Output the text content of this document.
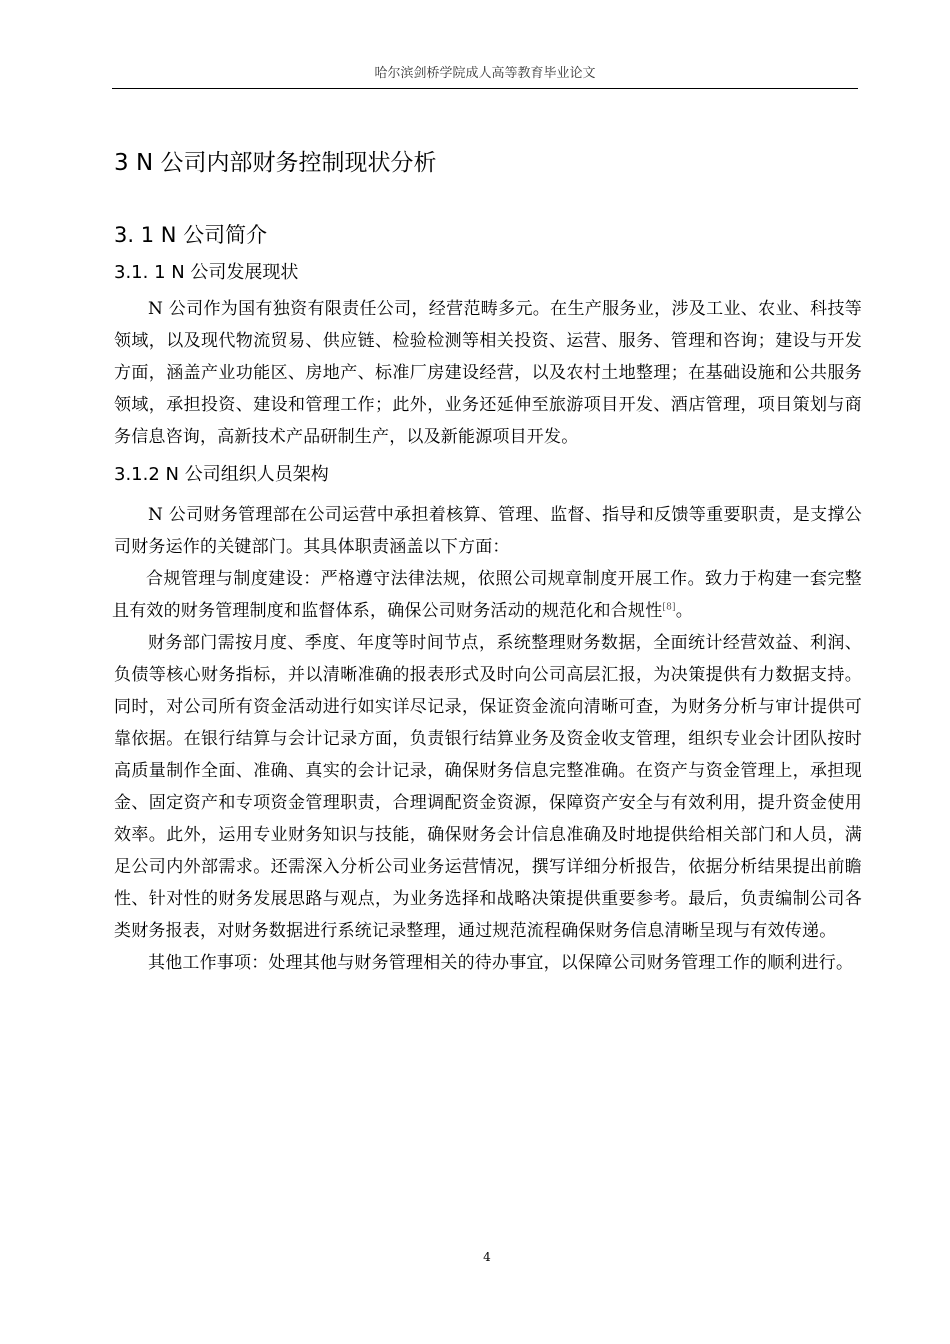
哈尔滨剑桥学院成人高等教育毕业论文
3 N 公司内部财务控制现状分析
3. 1 N 公司简介
3.1. 1 N 公司发展现状

N 公司作为国有独资有限责任公司，经营范畴多元。在生产服务业，涉及工业、农业、科技等领域，以及现代物流贸易、供应链、检验检测等相关投资、运营、服务、管理和咨询；建设与开发方面，涵盖产业功能区、房地产、标准厂房建设经营，以及农村土地整理；在基础设施和公共服务领域，承担投资、建设和管理工作；此外，业务还延伸至旅游项目开发、酒店管理，项目策划与商务信息咨询，高新技术产品研制生产，以及新能源项目开发。

3.1.2 N 公司组织人员架构

N 公司财务管理部在公司运营中承担着核算、管理、监督、指导和反馈等重要职责，是支撑公司财务运作的关键部门。其具体职责涵盖以下方面：

合规管理与制度建设：严格遵守法律法规，依照公司规章制度开展工作。致力于构建一套完整且有效的财务管理制度和监督体系，确保公司财务活动的规范化和合规性[8]。

财务部门需按月度、季度、年度等时间节点，系统整理财务数据，全面统计经营效益、利润、负债等核心财务指标，并以清晰准确的报表形式及时向公司高层汇报，为决策提供有力数据支持。同时，对公司所有资金活动进行如实详尽记录，保证资金流向清晰可查，为财务分析与审计提供可靠依据。在银行结算与会计记录方面，负责银行结算业务及资金收支管理，组织专业会计团队按时高质量制作全面、准确、真实的会计记录，确保财务信息完整准确。在资产与资金管理上，承担现金、固定资产和专项资金管理职责，合理调配资金资源，保障资产安全与有效利用，提升资金使用效率。此外，运用专业财务知识与技能，确保财务会计信息准确及时地提供给相关部门和人员，满足公司内外部需求。还需深入分析公司业务运营情况，撰写详细分析报告，依据分析结果提出前瞻性、针对性的财务发展思路与观点，为业务选择和战略决策提供重要参考。最后，负责编制公司各类财务报表，对财务数据进行系统记录整理，通过规范流程确保财务信息清晰呈现与有效传递。

其他工作事项：处理其他与财务管理相关的待办事宜，以保障公司财务管理工作的顺利进行。

4
